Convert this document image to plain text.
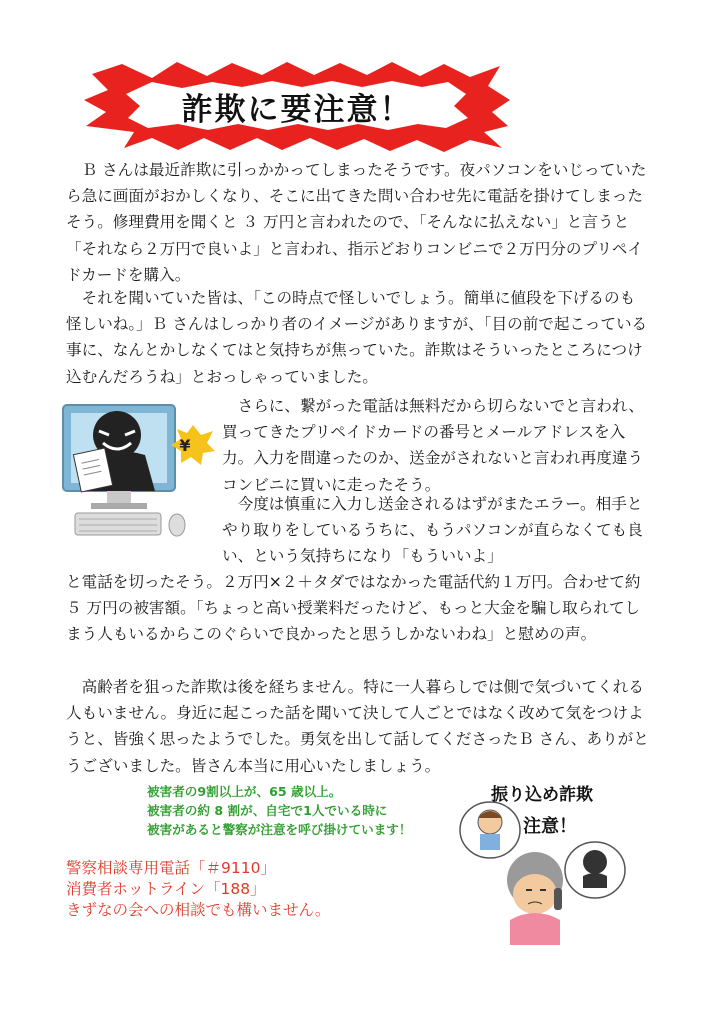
詐欺に要注意！

Ｂ さんは最近詐欺に引っかかってしまったそうです。夜パソコンをいじっていたら急に画面がおかしくなり、そこに出てきた問い合わせ先に電話を掛けてしまったそう。修理費用を聞くと ３ 万円と言われたので、「そんなに払えない」と言うと「それなら２万円で良いよ」と言われ、指示どおりコンビニで２万円分のプリペイドカードを購入。

それを聞いていた皆は、「この時点で怪しいでしょう。簡単に値段を下げるのも怪しいね。」Ｂ さんはしっかり者のイメージがありますが、「目の前で起こっている事に、なんとかしなくてはと気持ちが焦っていた。詐欺はそういったところにつけ込むんだろうね」とおっしゃっていました。

¥

さらに、繋がった電話は無料だから切らないでと言われ、買ってきたプリペイドカードの番号とメールアドレスを入力。入力を間違ったのか、送金がされないと言われ再度違うコンビニに買いに走ったそう。

今度は慎重に入力し送金されるはずがまたエラー。相手とやり取りをしているうちに、もうパソコンが直らなくても良い、という気持ちになり「もういいよ」

と電話を切ったそう。２万円×２＋タダではなかった電話代約１万円。合わせて約 ５ 万円の被害額。「ちょっと高い授業料だったけど、もっと大金を騙し取られてしまう人もいるからこのぐらいで良かったと思うしかないわね」と慰めの声。

高齢者を狙った詐欺は後を経ちません。特に一人暮らしでは側で気づいてくれる人もいません。身近に起こった話を聞いて決して人ごとではなく改めて気をつけようと、皆強く思ったようでした。勇気を出して話してくださったＢ さん、ありがとうございました。皆さん本当に用心いたしましょう。

被害者の9割以上が、65 歳以上。
被害者の約 8 割が、自宅で1人でいる時に
被害があると警察が注意を呼び掛けています！
警察相談専用電話「＃9110」
消費者ホットライン「188」
きずなの会への相談でも構いません。
振り込め詐欺
注意！
